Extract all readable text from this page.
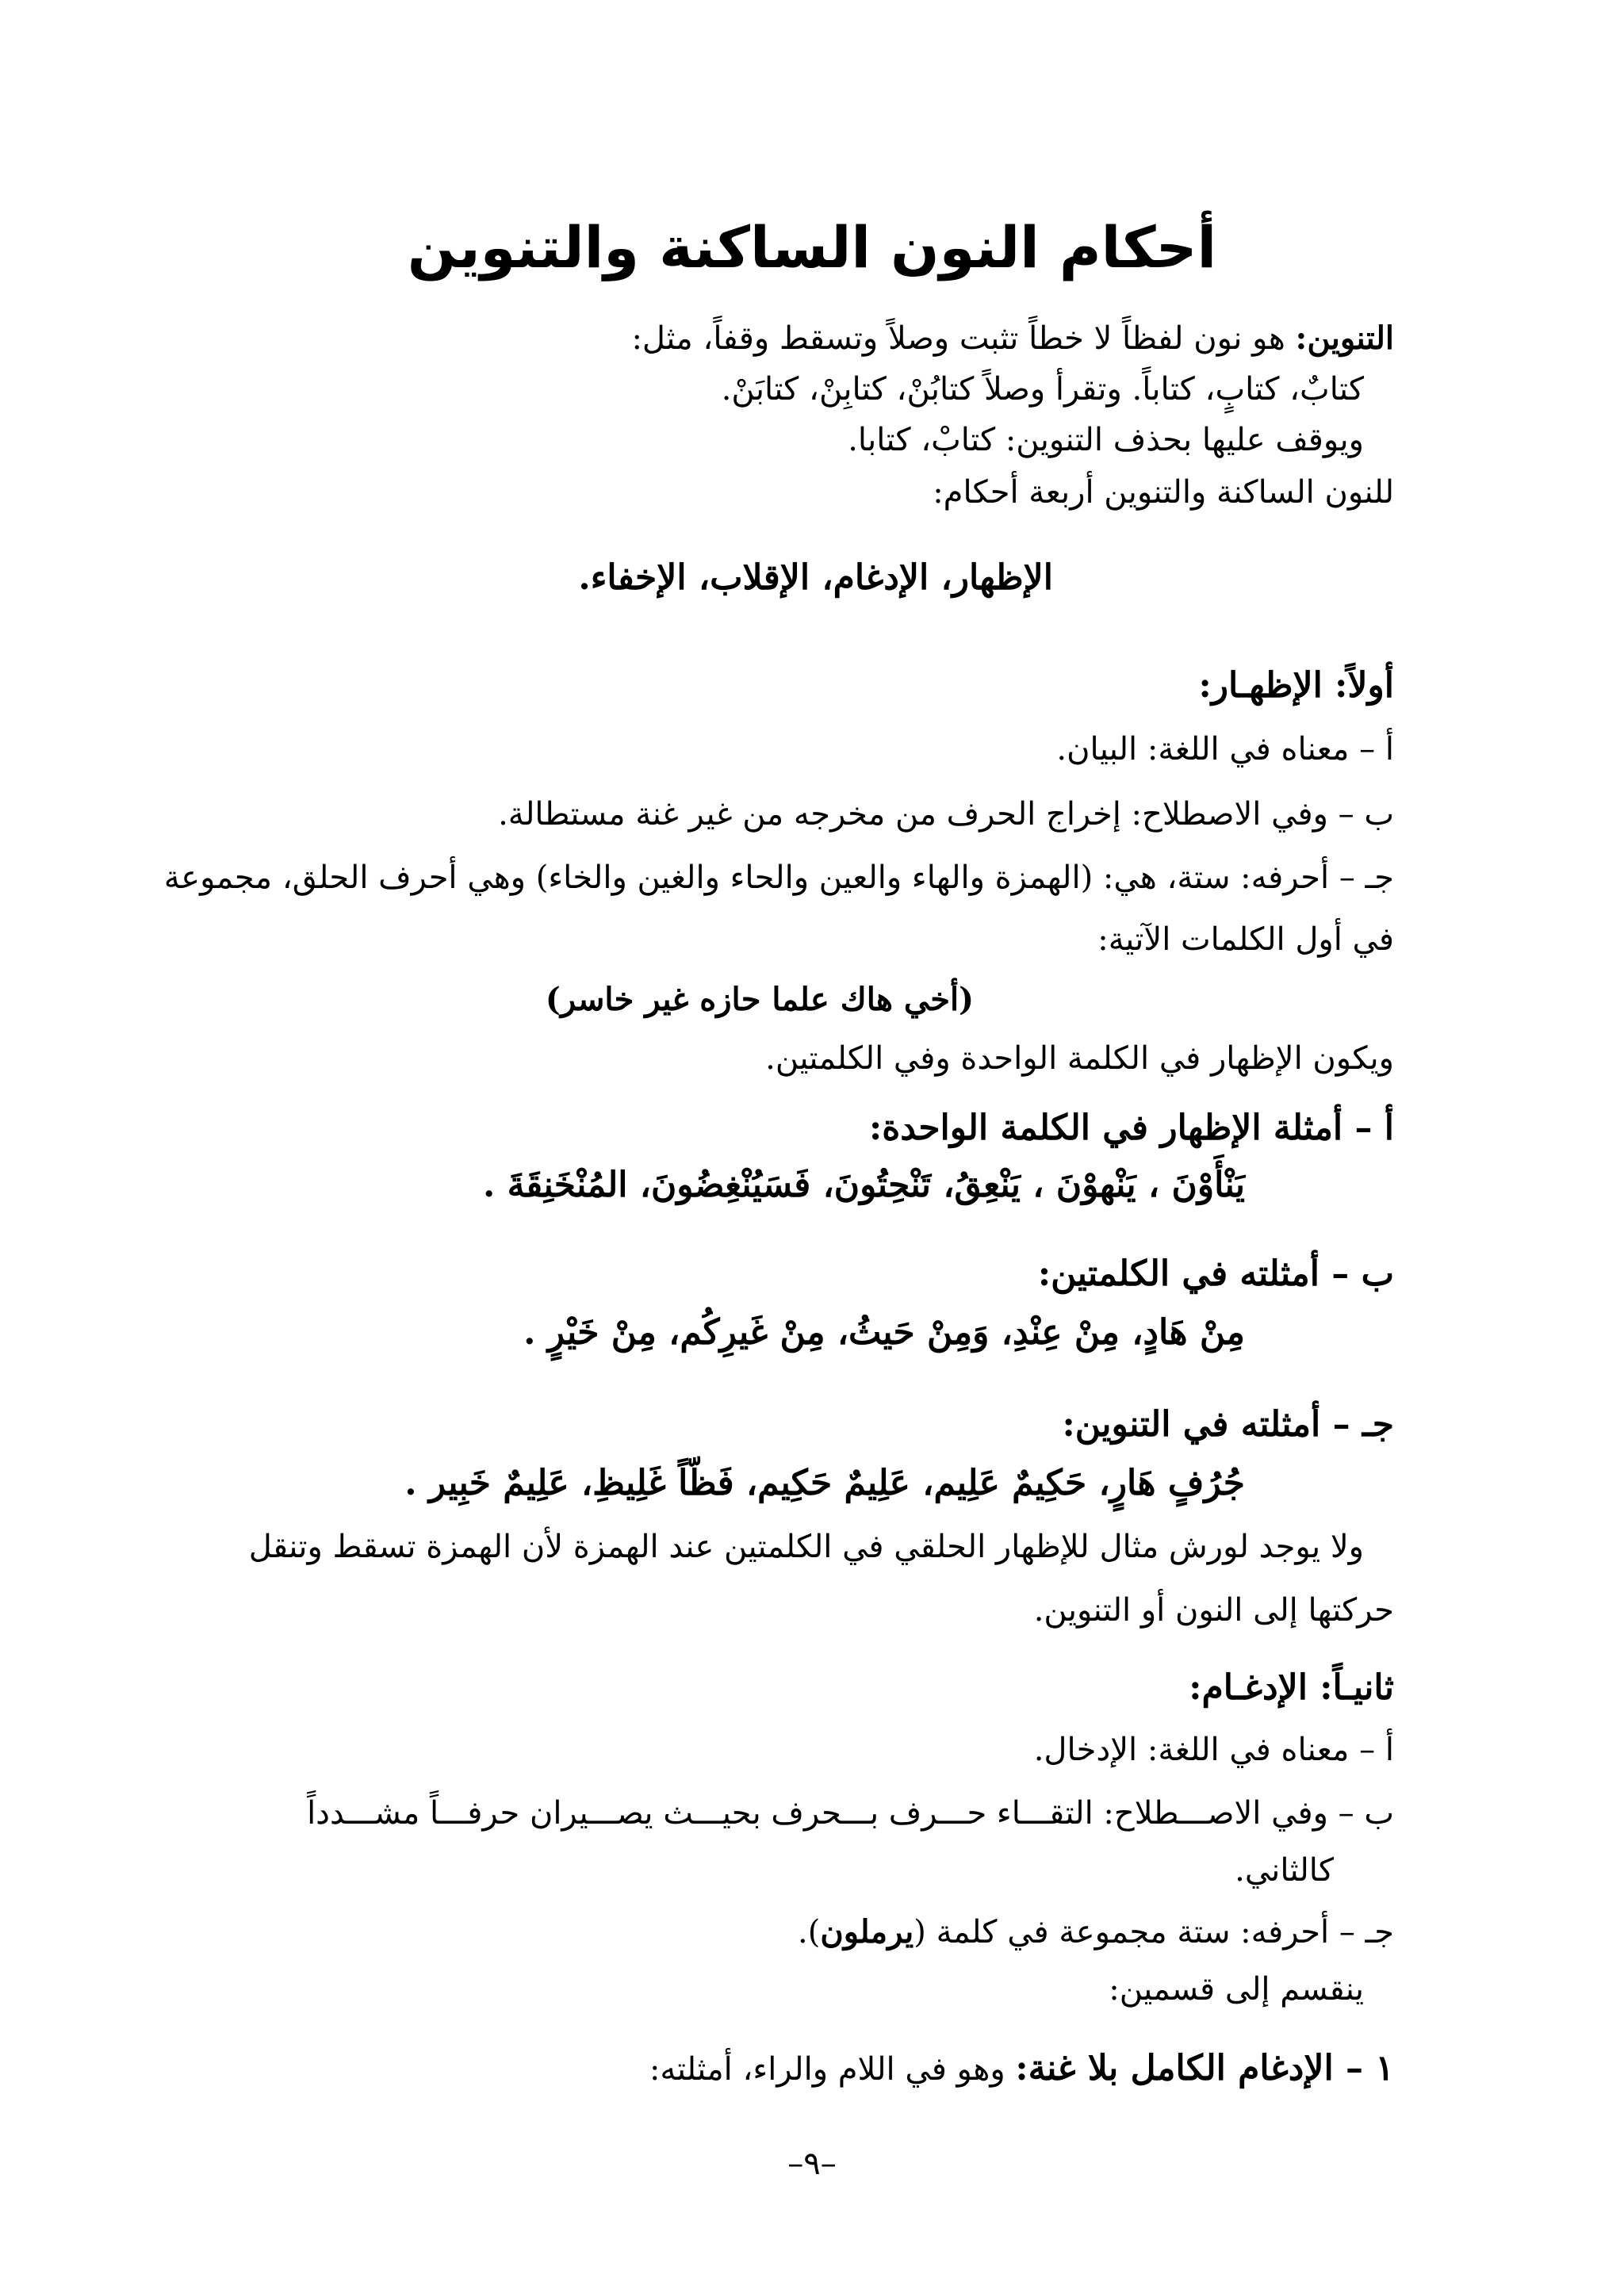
أحكام النون الساكنة والتنوين
التنوين: هو نون لفظاً لا خطاً تثبت وصلاً وتسقط وقفاً، مثل:
كتابٌ، كتابٍ، كتاباً. وتقرأ وصلاً كتابُنْ، كتابِنْ، كتابَنْ.
ويوقف عليها بحذف التنوين: كتابْ، كتابا.
للنون الساكنة والتنوين أربعة أحكام:
الإظهار، الإدغام، الإقلاب، الإخفاء.
أولاً: الإظهـار:
أ – معناه في اللغة: البيان.
ب – وفي الاصطلاح: إخراج الحرف من مخرجه من غير غنة مستطالة.
جـ – أحرفه: ستة، هي: (الهمزة والهاء والعين والحاء والغين والخاء) وهي أحرف الحلق، مجموعة
في أول الكلمات الآتية:
(أخي هاك علما حازه غير خاسر)
ويكون الإظهار في الكلمة الواحدة وفي الكلمتين.
أ – أمثلة الإظهار في الكلمة الواحدة:
يَنْأَوْنَ ، يَنْهوْنَ ، يَنْعِقُ، تَنْحِتُونَ، فَسَيُنْغِضُونَ، المُنْخَنِقَةَ .
ب – أمثلته في الكلمتين:
مِنْ هَادٍ، مِنْ عِنْدِ، وَمِنْ حَيثُ، مِنْ غَيرِكُم، مِنْ خَيْرٍ .
جـ – أمثلته في التنوين:
جُرُفٍ هَارٍ، حَكِيمٌ عَلِيم، عَلِيمٌ حَكِيم، فَظّاً غَلِيظِ، عَلِيمٌ خَبِير .
ولا يوجد لورش مثال للإظهار الحلقي في الكلمتين عند الهمزة لأن الهمزة تسقط وتنقل
حركتها إلى النون أو التنوين.
ثانيـاً: الإدغـام:
أ – معناه في اللغة: الإدخال.
ب – وفي الاصـــطلاح: التقـــاء حـــرف بـــحرف بحيـــث يصـــيران حرفـــاً مشـــدداً
كالثاني.
جـ – أحرفه: ستة مجموعة في كلمة (يرملون).
ينقسم إلى قسمين:
١ – الإدغام الكامل بلا غنة: وهو في اللام والراء، أمثلته:
–٩–
